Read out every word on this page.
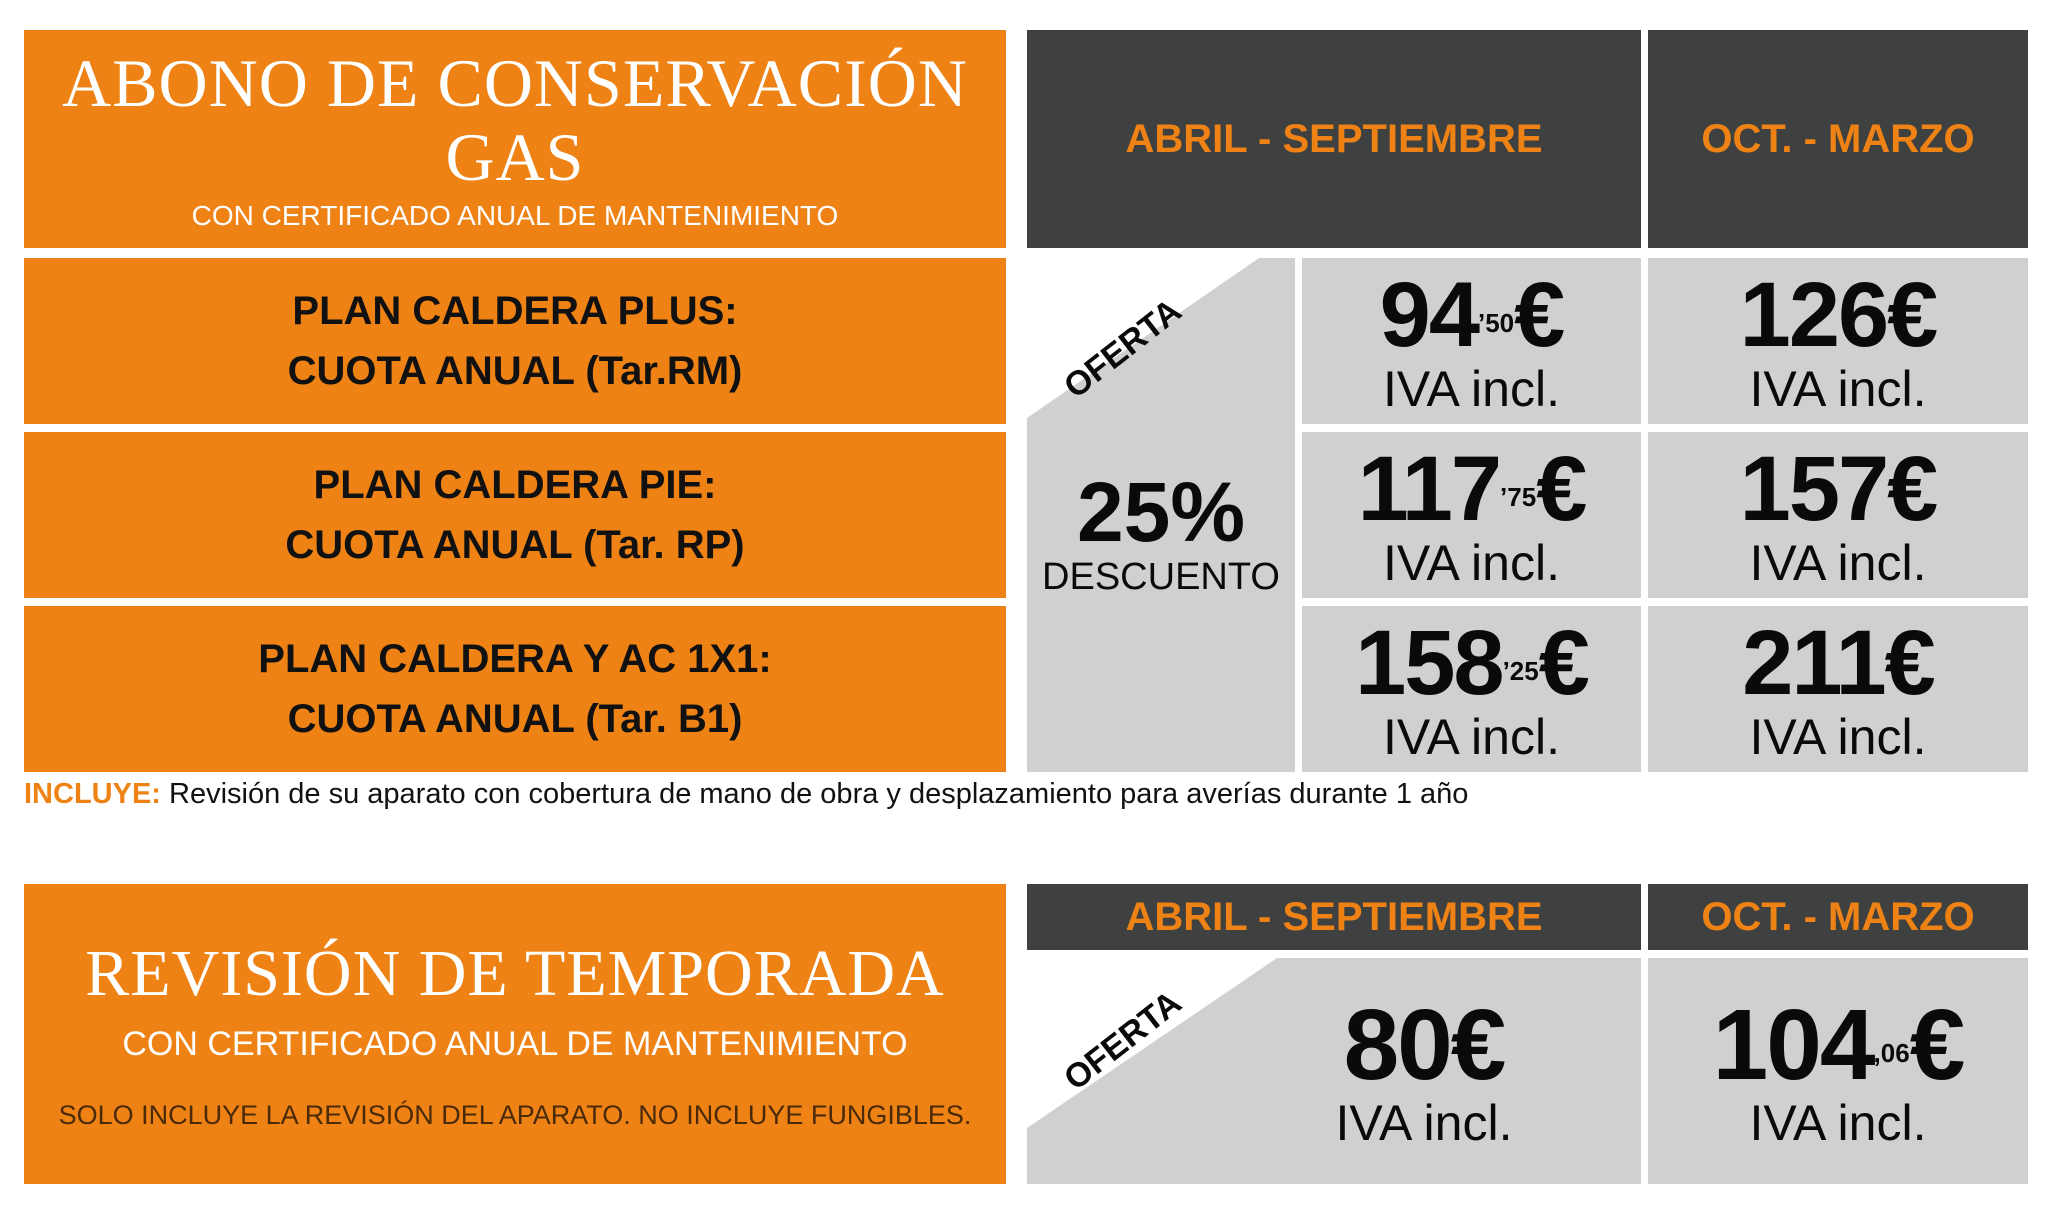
ABONO DE CONSERVACIÓN
GAS
CON CERTIFICADO ANUAL DE MANTENIMIENTO
ABRIL - SEPTIEMBRE	OCT. - MARZO
PLAN CALDERA PLUS:
CUOTA ANUAL (Tar.RM)
PLAN CALDERA PIE:
CUOTA ANUAL (Tar. RP)
PLAN CALDERA Y AC 1X1:
CUOTA ANUAL (Tar. B1)
OFERTA
25%
DESCUENTO
$94^{’50}€$
IVA incl.
$117^{’75}€$
IVA incl.
$158^{’25}€$
IVA incl.
126€
IVA incl.
157€
IVA incl.
211€
IVA incl.
INCLUYE: Revisión de su aparato con cobertura de mano de obra y desplazamiento para averías durante 1 año
REVISIÓN DE TEMPORADA
CON CERTIFICADO ANUAL DE MANTENIMIENTO
SOLO INCLUYE LA REVISIÓN DEL APARATO. NO INCLUYE FUNGIBLES.
ABRIL - SEPTIEMBRE	OCT. - MARZO
OFERTA 80€
IVA incl.
$104^{,06}€$
IVA incl.
